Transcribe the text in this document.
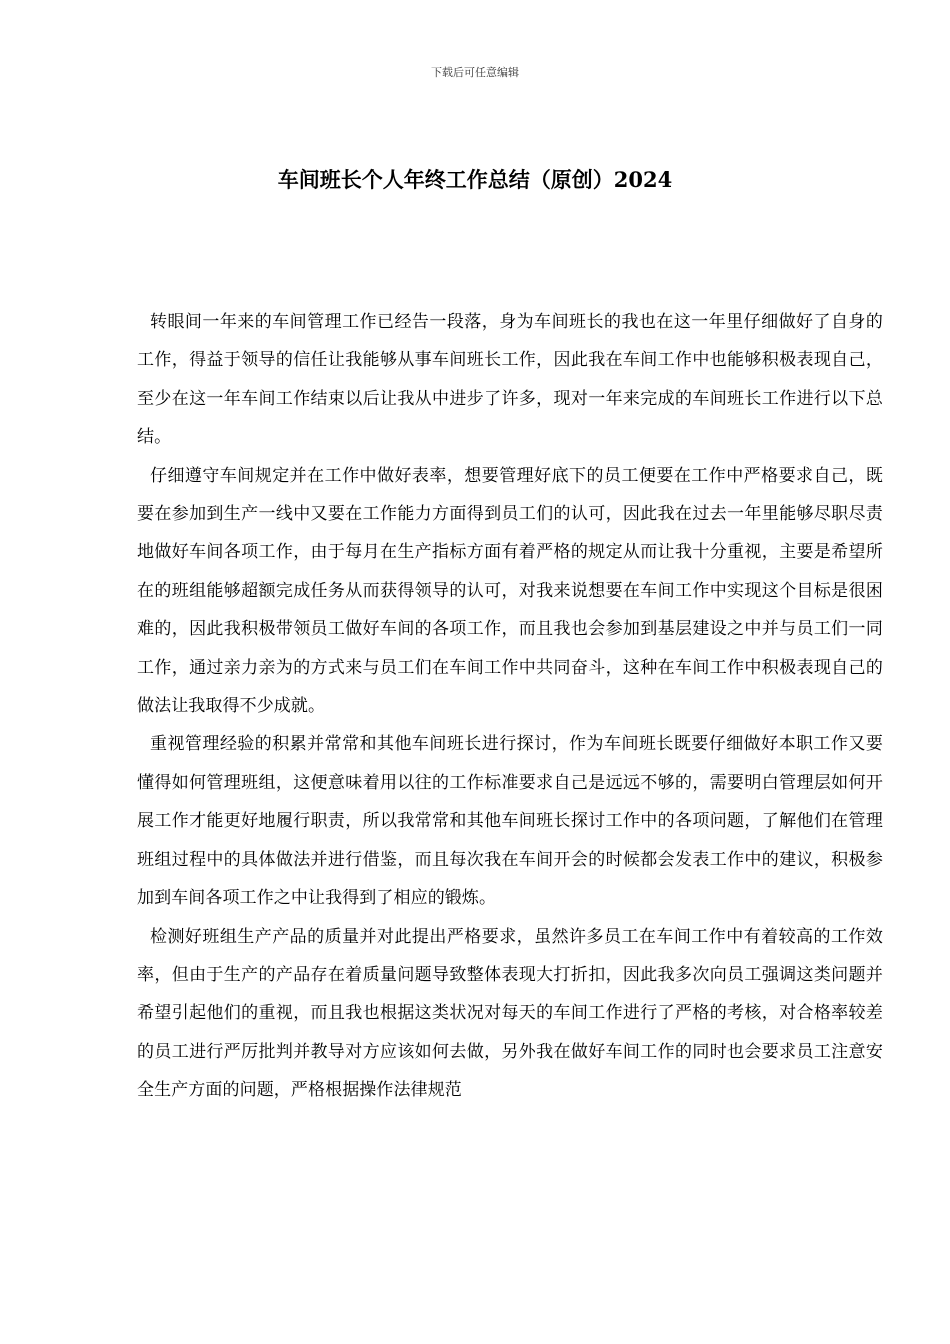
下载后可任意编辑
车间班长个人年终工作总结（原创）2024

转眼间一年来的车间管理工作已经告一段落，身为车间班长的我也在这一年里仔细做好了自身的工作，得益于领导的信任让我能够从事车间班长工作，因此我在车间工作中也能够积极表现自己，至少在这一年车间工作结束以后让我从中进步了许多，现对一年来完成的车间班长工作进行以下总结。

仔细遵守车间规定并在工作中做好表率，想要管理好底下的员工便要在工作中严格要求自己，既要在参加到生产一线中又要在工作能力方面得到员工们的认可，因此我在过去一年里能够尽职尽责地做好车间各项工作，由于每月在生产指标方面有着严格的规定从而让我十分重视，主要是希望所在的班组能够超额完成任务从而获得领导的认可，对我来说想要在车间工作中实现这个目标是很困难的，因此我积极带领员工做好车间的各项工作，而且我也会参加到基层建设之中并与员工们一同工作，通过亲力亲为的方式来与员工们在车间工作中共同奋斗，这种在车间工作中积极表现自己的做法让我取得不少成就。

重视管理经验的积累并常常和其他车间班长进行探讨，作为车间班长既要仔细做好本职工作又要懂得如何管理班组，这便意味着用以往的工作标准要求自己是远远不够的，需要明白管理层如何开展工作才能更好地履行职责，所以我常常和其他车间班长探讨工作中的各项问题，了解他们在管理班组过程中的具体做法并进行借鉴，而且每次我在车间开会的时候都会发表工作中的建议，积极参加到车间各项工作之中让我得到了相应的锻炼。

检测好班组生产产品的质量并对此提出严格要求，虽然许多员工在车间工作中有着较高的工作效率，但由于生产的产品存在着质量问题导致整体表现大打折扣，因此我多次向员工强调这类问题并希望引起他们的重视，而且我也根据这类状况对每天的车间工作进行了严格的考核，对合格率较差的员工进行严厉批判并教导对方应该如何去做，另外我在做好车间工作的同时也会要求员工注意安全生产方面的问题，严格根据操作法律规范
